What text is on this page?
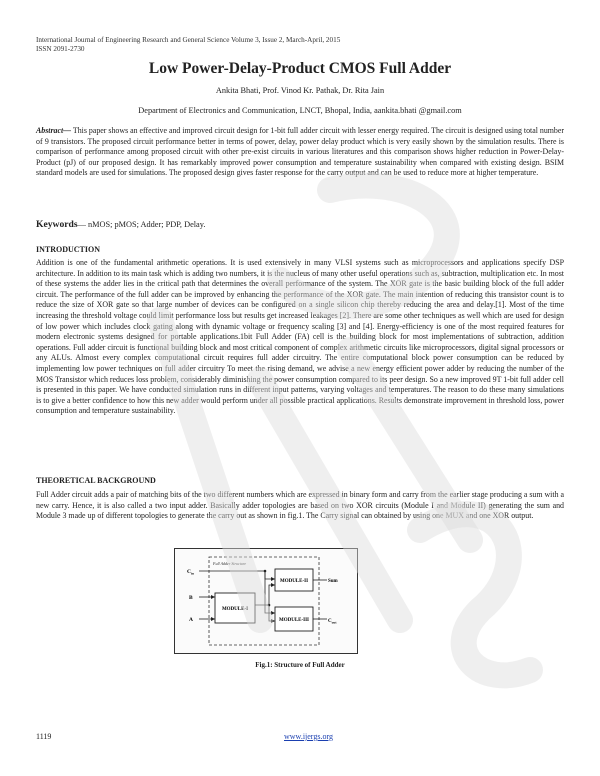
International Journal of Engineering Research and General Science Volume 3, Issue 2, March-April, 2015
ISSN 2091-2730
Low Power-Delay-Product CMOS Full Adder
Ankita Bhati, Prof. Vinod Kr. Pathak, Dr. Rita Jain
Department of Electronics and Communication, LNCT, Bhopal, India, aankita.bhati @gmail.com
Abstract— This paper shows an effective and improved circuit design for 1-bit full adder circuit with lesser energy required. The circuit is designed using total number of 9 transistors. The proposed circuit performance better in terms of power, delay, power delay product which is very easily shown by the simulation results. There is comparison of performance among proposed circuit with other pre-exist circuits in various literatures and this comparison shows higher reduction in Power-Delay-Product (pJ) of our proposed design. It has remarkably improved power consumption and temperature sustainability when compared with existing design. BSIM standard models are used for simulations. The proposed design gives faster response for the carry output and can be used to reduce more at higher temperature.
Keywords— nMOS; pMOS; Adder; PDP, Delay.
INTRODUCTION
Addition is one of the fundamental arithmetic operations. It is used extensively in many VLSI systems such as microprocessors and applications specify DSP architecture. In addition to its main task which is adding two numbers, it is the nucleus of many other useful operations such as, subtraction, multiplication etc. In most of these systems the adder lies in the critical path that determines the overall performance of the system. The XOR gate is the basic building block of the full adder circuit. The performance of the full adder can be improved by enhancing the performance of the XOR gate. The main intention of reducing this transistor count is to reduce the size of XOR gate so that large number of devices can be configured on a single silicon chip thereby reducing the area and delay.[1]. Most of the time increasing the threshold voltage could limit performance loss but results get increased leakages [2]. There are some other techniques as well which are used for design of low power which includes clock gating along with dynamic voltage or frequency scaling [3] and [4]. Energy-efficiency is one of the most required features for modern electronic systems designed for portable applications.1bit Full Adder (FA) cell is the building block for most implementations of subtraction, addition operations. Full adder circuit is functional building block and most critical component of complex arithmetic circuits like microprocessors, digital signal processors or any ALUs. Almost every complex computational circuit requires full adder circuitry. The entire computational block power consumption can be reduced by implementing low power techniques on full adder circuitry To meet the rising demand, we advise a new energy efficient power adder by reducing the number of the MOS Transistor which reduces loss problem, considerably diminishing the power consumption compared to its peer design. So a new improved 9T 1-bit full adder cell is presented in this paper. We have conducted simulation runs in different input patterns, varying voltages and temperatures. The reason to do these many simulations is to give a better confidence to how this new adder would perform under all possible practical applications. Results demonstrate improvement in threshold loss, power consumption and temperature sustainability.
THEORETICAL BACKGROUND
Full Adder circuit adds a pair of matching bits of the two different numbers which are expressed in binary form and carry from the earlier stage producing a sum with a new carry. Hence, it is also called a two input adder. Basically adder topologies are based on two XOR circuits (Module I and Module II) generating the sum and Module 3 made up of different topologies to generate the carry out as shown in fig.1. The Carry signal can obtained by using one MUX and one XOR output.
Full Adder Structure
MODULE-I
MODULE-II
MODULE-III
$C_{in}$
B
A
Sum
$C_{out}$
Fig.1: Structure of Full Adder
1119	www.ijergs.org
